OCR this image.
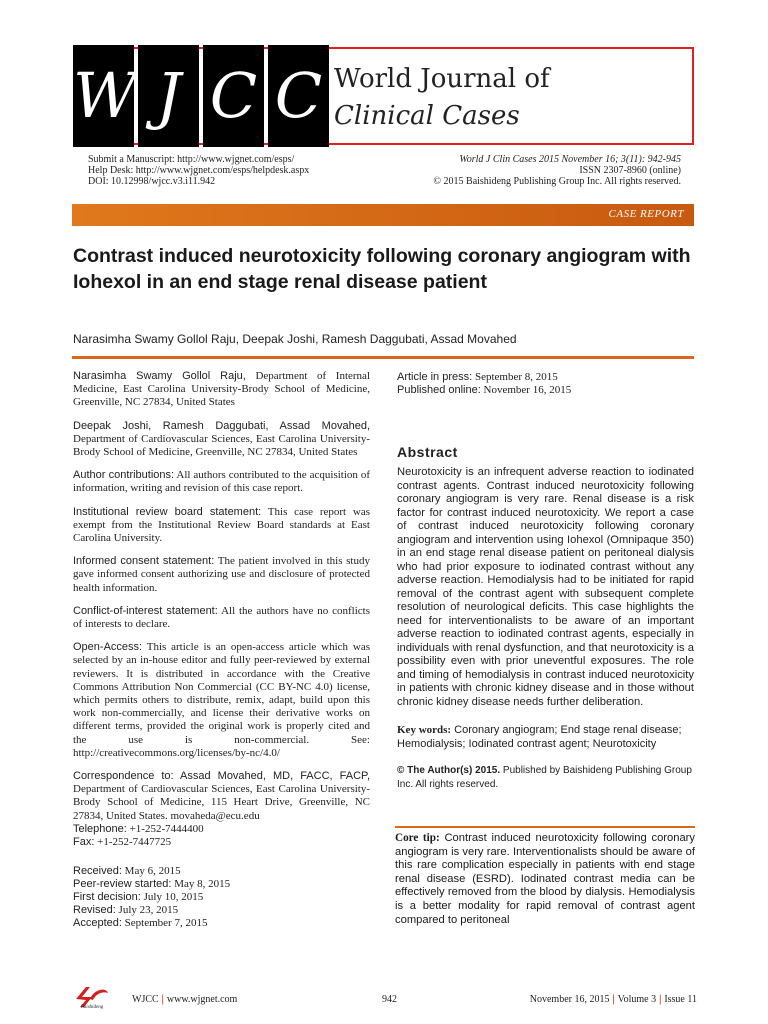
W J C C World Journal of
Clinical Cases
Submit a Manuscript: http://www.wjgnet.com/esps/
Help Desk: http://www.wjgnet.com/esps/helpdesk.aspx
DOI: 10.12998/wjcc.v3.i11.942
World J Clin Cases 2015 November 16; 3(11): 942-945
ISSN 2307-8960 (online)
© 2015 Baishideng Publishing Group Inc. All rights reserved.
CASE REPORT
Contrast induced neurotoxicity following coronary angiogram with Iohexol in an end stage renal disease patient
Narasimha Swamy Gollol Raju, Deepak Joshi, Ramesh Daggubati, Assad Movahed

Narasimha Swamy Gollol Raju, Department of Internal Medicine, East Carolina University-Brody School of Medicine, Greenville, NC 27834, United States

Deepak Joshi, Ramesh Daggubati, Assad Movahed, Department of Cardiovascular Sciences, East Carolina University-Brody School of Medicine, Greenville, NC 27834, United States

Author contributions: All authors contributed to the acquisition of information, writing and revision of this case report.

Institutional review board statement: This case report was exempt from the Institutional Review Board standards at East Carolina University.

Informed consent statement: The patient involved in this study gave informed consent authorizing use and disclosure of protected health information.

Conflict-of-interest statement: All the authors have no conflicts of interests to declare.

Open-Access: This article is an open-access article which was selected by an in-house editor and fully peer-reviewed by external reviewers. It is distributed in accordance with the Creative Commons Attribution Non Commercial (CC BY-NC 4.0) license, which permits others to distribute, remix, adapt, build upon this work non-commercially, and license their derivative works on different terms, provided the original work is properly cited and the use is non-commercial. See: http://creativecommons.org/licenses/by-nc/4.0/

Correspondence to: Assad Movahed, MD, FACC, FACP, Department of Cardiovascular Sciences, East Carolina University-Brody School of Medicine, 115 Heart Drive, Greenville, NC 27834, United States. movaheda@ecu.edu

Telephone: +1-252-7444400
Fax: +1-252-7447725
Received: May 6, 2015
Peer-review started: May 8, 2015
First decision: July 10, 2015
Revised: July 23, 2015
Accepted: September 7, 2015
Article in press: September 8, 2015
Published online: November 16, 2015
Abstract
Neurotoxicity is an infrequent adverse reaction to iodinated contrast agents. Contrast induced neurotoxicity following coronary angiogram is very rare. Renal disease is a risk factor for contrast induced neurotoxicity. We report a case of contrast induced neurotoxicity following coronary angiogram and intervention using Iohexol (Omnipaque 350) in an end stage renal disease patient on peritoneal dialysis who had prior exposure to iodinated contrast without any adverse reaction. Hemodialysis had to be initiated for rapid removal of the contrast agent with subsequent complete resolution of neurological deficits. This case highlights the need for interventionalists to be aware of an important adverse reaction to iodinated contrast agents, especially in individuals with renal dysfunction, and that neurotoxicity is a possibility even with prior uneventful exposures. The role and timing of hemodialysis in contrast induced neurotoxicity in patients with chronic kidney disease and in those without chronic kidney disease needs further deliberation.
Key words: Coronary angiogram; End stage renal disease; Hemodialysis; Iodinated contrast agent; Neurotoxicity
© The Author(s) 2015. Published by Baishideng Publishing Group Inc. All rights reserved.
Core tip: Contrast induced neurotoxicity following coronary angiogram is very rare. Interventionalists should be aware of this rare complication especially in patients with end stage renal disease (ESRD). Iodinated contrast media can be effectively removed from the blood by dialysis. Hemodialysis is a better modality for rapid removal of contrast agent compared to peritoneal
Baishideng
WJCC | www.wjgnet.com	942	November 16, 2015 | Volume 3 | Issue 11
